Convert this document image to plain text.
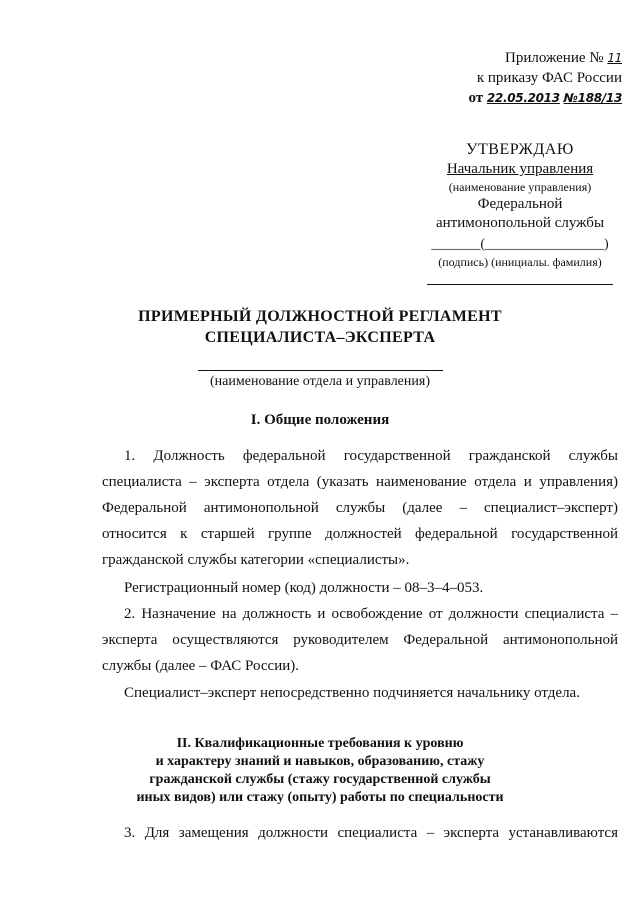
Приложение № 11
к приказу ФАС России
от 22.05.2013 №188/13
УТВЕРЖДАЮ
Начальник управления
(наименование управления)
Федеральной
антимонопольной службы
_______(_________________)
(подпись) (инициалы. фамилия)
ПРИМЕРНЫЙ ДОЛЖНОСТНОЙ РЕГЛАМЕНТ
СПЕЦИАЛИСТА–ЭКСПЕРТА
(наименование отдела и управления)
I. Общие положения
1. Должность федеральной государственной гражданской службы
специалиста – эксперта отдела (указать наименование отдела и управления) Федеральной антимонопольной службы (далее – специалист–эксперт) относится к старшей группе должностей федеральной государственной гражданской службы категории «специалисты».
Регистрационный номер (код) должности – 08–3–4–053.
2. Назначение на должность и освобождение от должности специалиста – эксперта осуществляются руководителем Федеральной антимонопольной службы (далее – ФАС России).
Специалист–эксперт непосредственно подчиняется начальнику отдела.
II. Квалификационные требования к уровню
и характеру знаний и навыков, образованию, стажу
гражданской службы (стажу государственной службы
иных видов) или стажу (опыту) работы по специальности
3. Для замещения должности специалиста – эксперта устанавливаются
